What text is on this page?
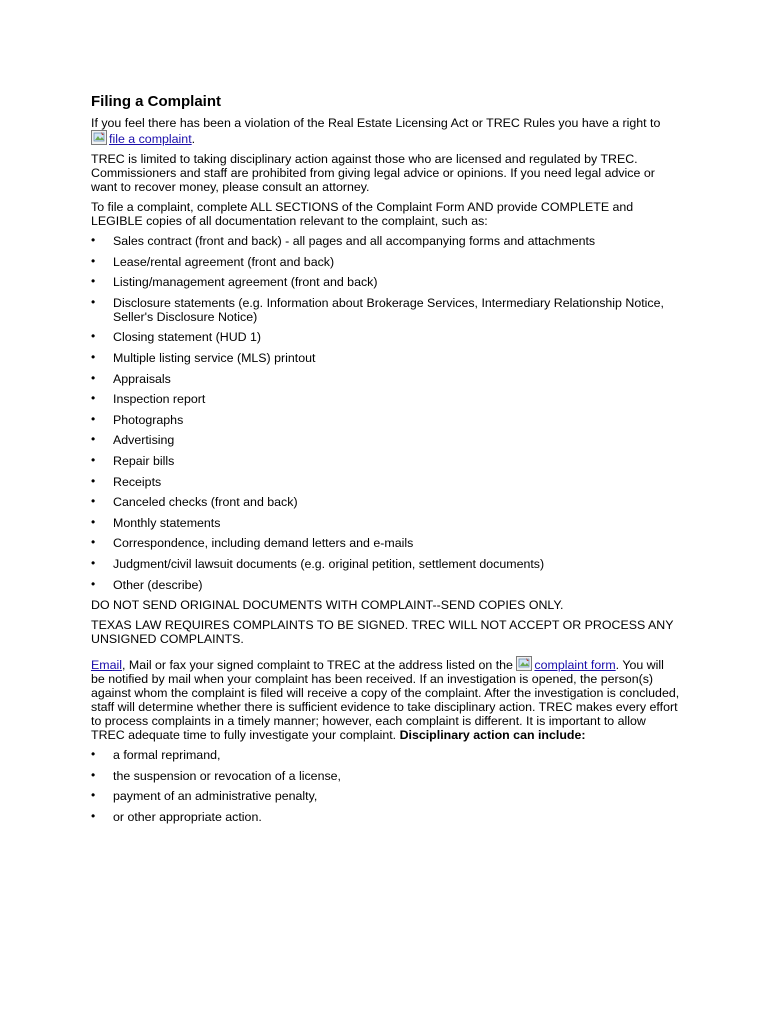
Filing a Complaint

If you feel there has been a violation of the Real Estate Licensing Act or TREC Rules you have a right to
file a complaint.

TREC is limited to taking disciplinary action against those who are licensed and regulated by TREC. Commissioners and staff are prohibited from giving legal advice or opinions. If you need legal advice or want to recover money, please consult an attorney.

To file a complaint, complete ALL SECTIONS of the Complaint Form AND provide COMPLETE and LEGIBLE copies of all documentation relevant to the complaint, such as:

• Sales contract (front and back) - all pages and all accompanying forms and attachments
• Lease/rental agreement (front and back)
• Listing/management agreement (front and back)
• Disclosure statements (e.g. Information about Brokerage Services, Intermediary Relationship Notice, Seller's Disclosure Notice)
• Closing statement (HUD 1)
• Multiple listing service (MLS) printout
• Appraisals
• Inspection report
• Photographs
• Advertising
• Repair bills
• Receipts
• Canceled checks (front and back)
• Monthly statements
• Correspondence, including demand letters and e-mails
• Judgment/civil lawsuit documents (e.g. original petition, settlement documents)
• Other (describe)

DO NOT SEND ORIGINAL DOCUMENTS WITH COMPLAINT--SEND COPIES ONLY.

TEXAS LAW REQUIRES COMPLAINTS TO BE SIGNED. TREC WILL NOT ACCEPT OR PROCESS ANY UNSIGNED COMPLAINTS.

Email, Mail or fax your signed complaint to TREC at the address listed on the complaint form. You will be notified by mail when your complaint has been received. If an investigation is opened, the person(s) against whom the complaint is filed will receive a copy of the complaint. After the investigation is concluded, staff will determine whether there is sufficient evidence to take disciplinary action. TREC makes every effort to process complaints in a timely manner; however, each complaint is different. It is important to allow TREC adequate time to fully investigate your complaint. Disciplinary action can include:

• a formal reprimand,
• the suspension or revocation of a license,
• payment of an administrative penalty,
• or other appropriate action.
